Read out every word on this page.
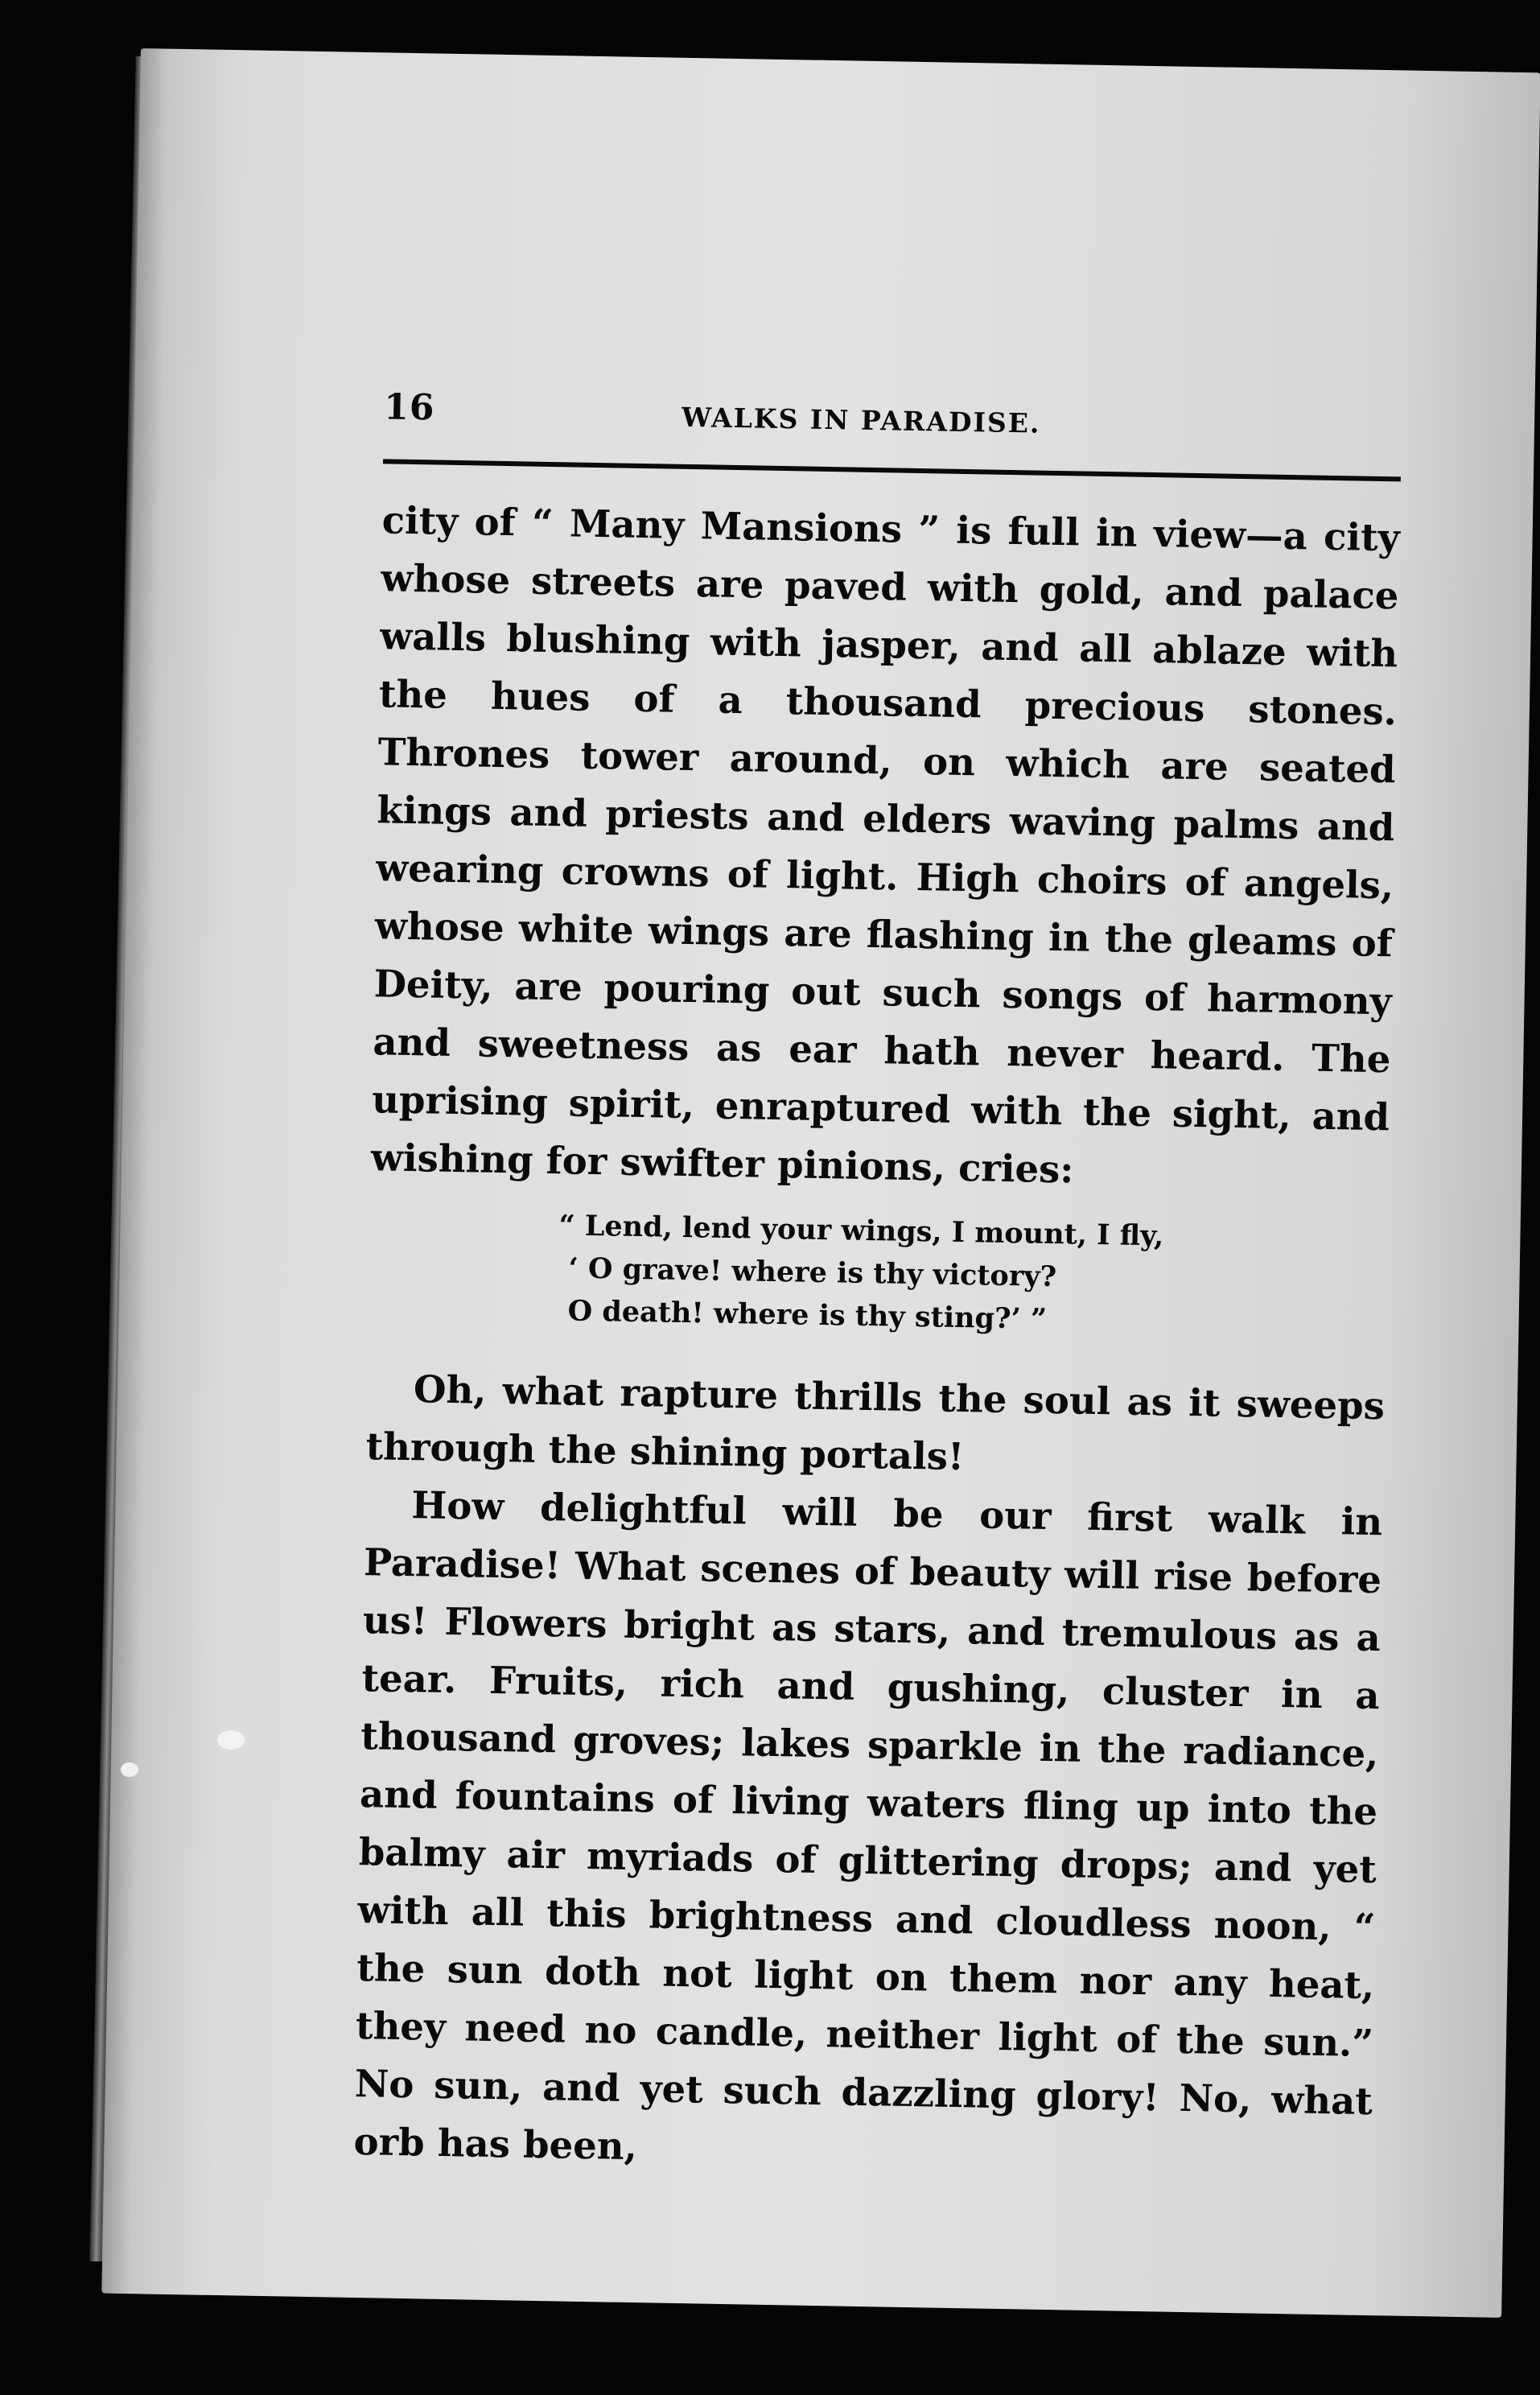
16	WALKS IN PARADISE.

city of “ Many Mansions ” is full in view—a city whose streets are paved with gold, and palace walls blushing with jasper, and all ablaze with the hues of a thousand precious stones. Thrones tower around, on which are seated kings and priests and elders waving palms and wearing crowns of light. High choirs of angels, whose white wings are flashing in the gleams of Deity, are pouring out such songs of harmony and sweetness as ear hath never heard. The uprising spirit, enraptured with the sight, and wishing for swifter pinions, cries:

“ Lend, lend your wings, I mount, I fly,
‘ O grave! where is thy victory?
O death! where is thy sting?’ ”

Oh, what rapture thrills the soul as it sweeps through the shining portals!

How delightful will be our first walk in Paradise! What scenes of beauty will rise before us! Flowers bright as stars, and tremulous as a tear. Fruits, rich and gushing, cluster in a thousand groves; lakes sparkle in the radiance, and fountains of living waters fling up into the balmy air myriads of glittering drops; and yet with all this brightness and cloudless noon, “ the sun doth not light on them nor any heat, they need no candle, neither light of the sun.” No sun, and yet such dazzling glory! No, what orb has been,
